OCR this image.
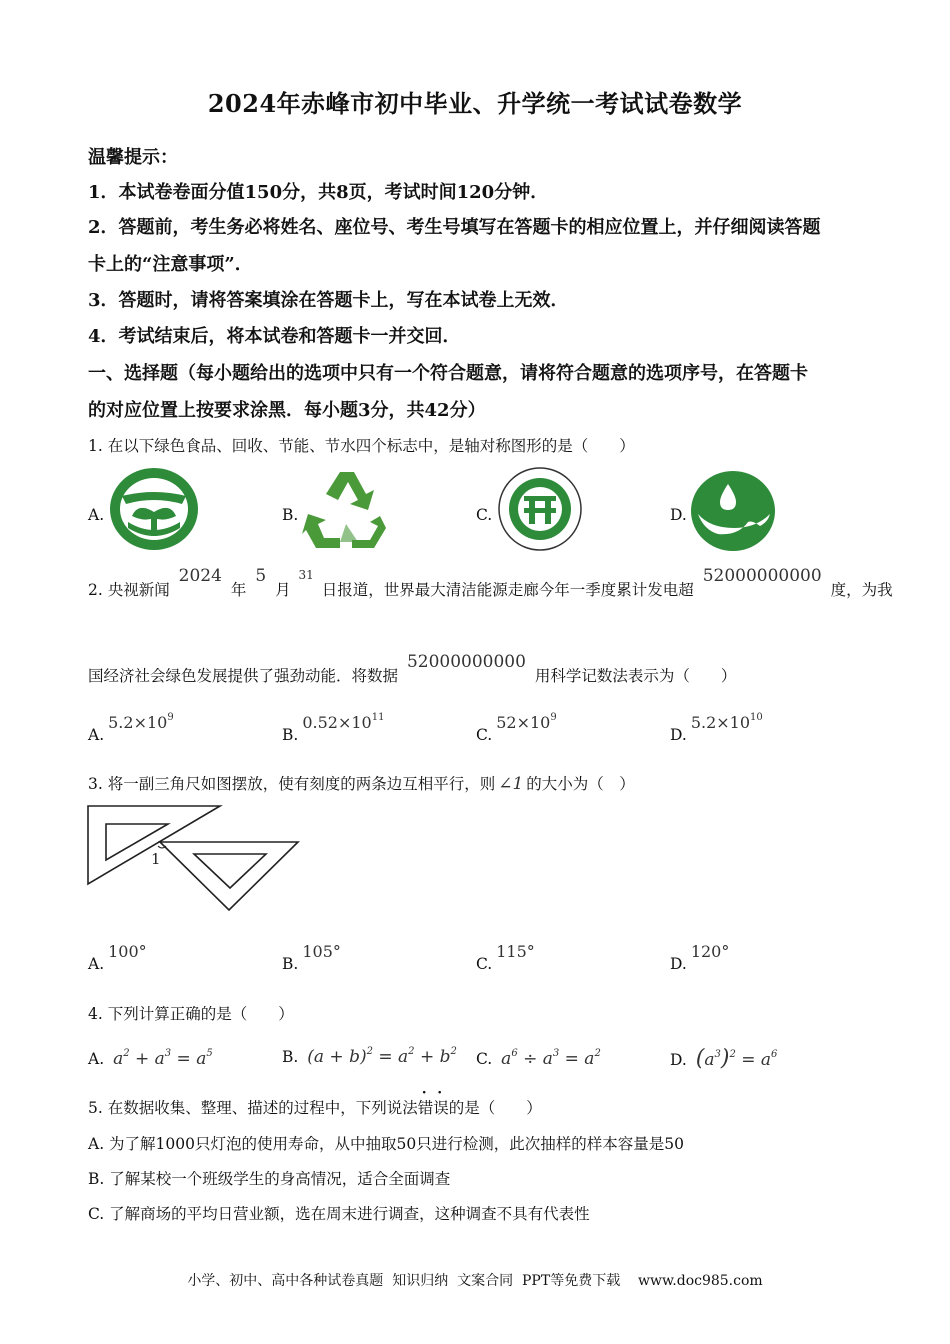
2024年赤峰市初中毕业、升学统一考试试卷数学
温馨提示：
1．本试卷卷面分值150分，共8页，考试时间120分钟．
2．答题前，考生务必将姓名、座位号、考生号填写在答题卡的相应位置上，并仔细阅读答题
卡上的“注意事项”．
3．答题时，请将答案填涂在答题卡上，写在本试卷上无效．
4．考试结束后，将本试卷和答题卡一并交回．
一、选择题（每小题给出的选项中只有一个符合题意，请将符合题意的选项序号，在答题卡
的对应位置上按要求涂黑．每小题3分，共42分）
1. 在以下绿色食品、回收、节能、节水四个标志中，是轴对称图形的是（　　）
A.	B.	C.	D.
2. 央视新闻 2024 年 5 月 $^{31}$ 日报道，世界最大清洁能源走廊今年一季度累计发电超 52000000000 度，为我
国经济社会绿色发展提供了强劲动能．将数据 52000000000 用科学记数法表示为（　　）
$A.5.2\times 10^9$
$B.0.52\times 10^{11}$
$C.52\times 10^9$
$D.5.2\times 10^{10}$
3. 将一副三角尺如图摆放，使有刻度的两条边互相平行，则 ∠1 的大小为（　）
1
A.100°
B.105°
C.115°
D.120°
4. 下列计算正确的是（　　）
A. $a^2 + a^3 = a^5$	B. $(a + b)^2 = a^2 + b^2$ C. $a^6 \div a^3 = a^2$	D. $(a^3)^2 = a^6$
5. 在数据收集、整理、描述的过程中，下列说法错误的是（　　）
A. 为了解1000只灯泡的使用寿命，从中抽取50只进行检测，此次抽样的样本容量是50
B. 了解某校一个班级学生的身高情况，适合全面调查
C. 了解商场的平均日营业额，选在周末进行调查，这种调查不具有代表性
小学、初中、高中各种试卷真题  知识归纳  文案合同  PPT等免费下载    www.doc985.com
